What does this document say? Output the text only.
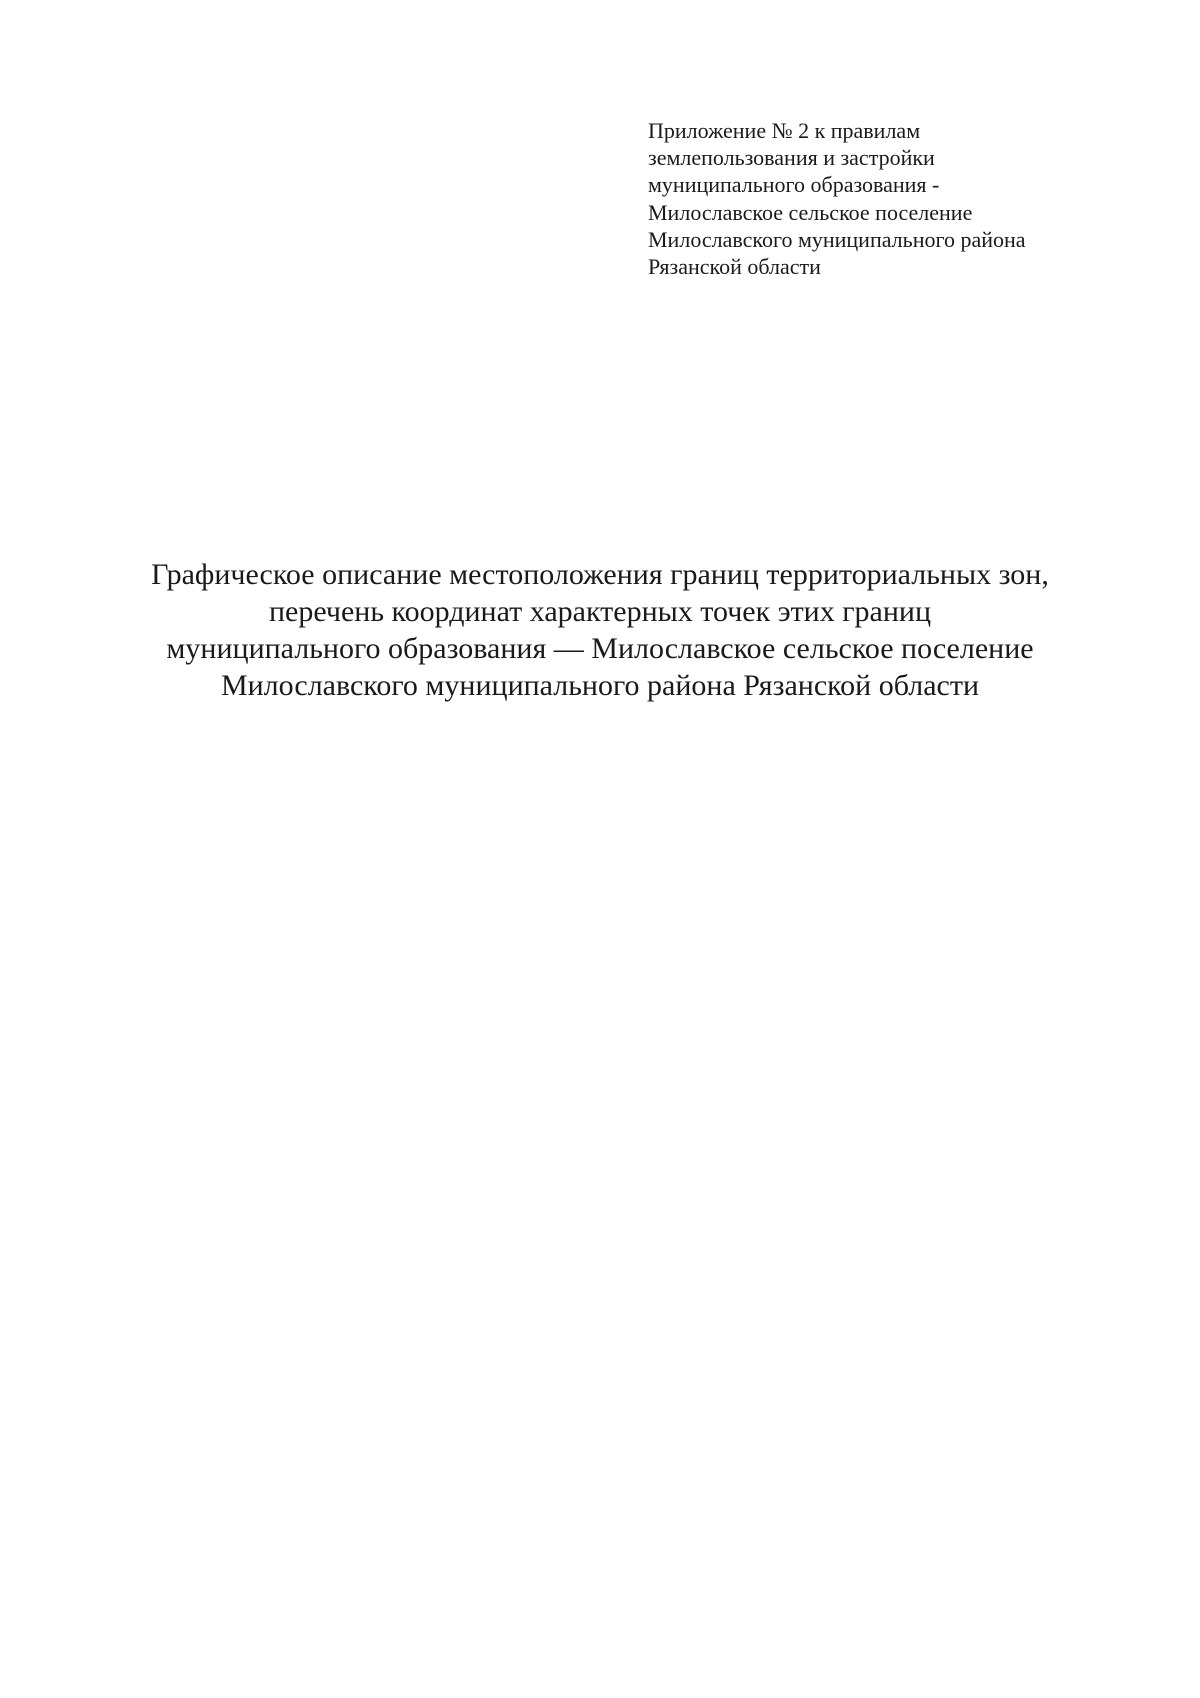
Приложение № 2 к правилам
землепользования и застройки
муниципального образования -
Милославское сельское поселение
Милославского муниципального района
Рязанской области
Графическое описание местоположения границ территориальных зон,
перечень координат характерных точек этих границ
муниципального образования — Милославское сельское поселение
Милославского муниципального района Рязанской области
